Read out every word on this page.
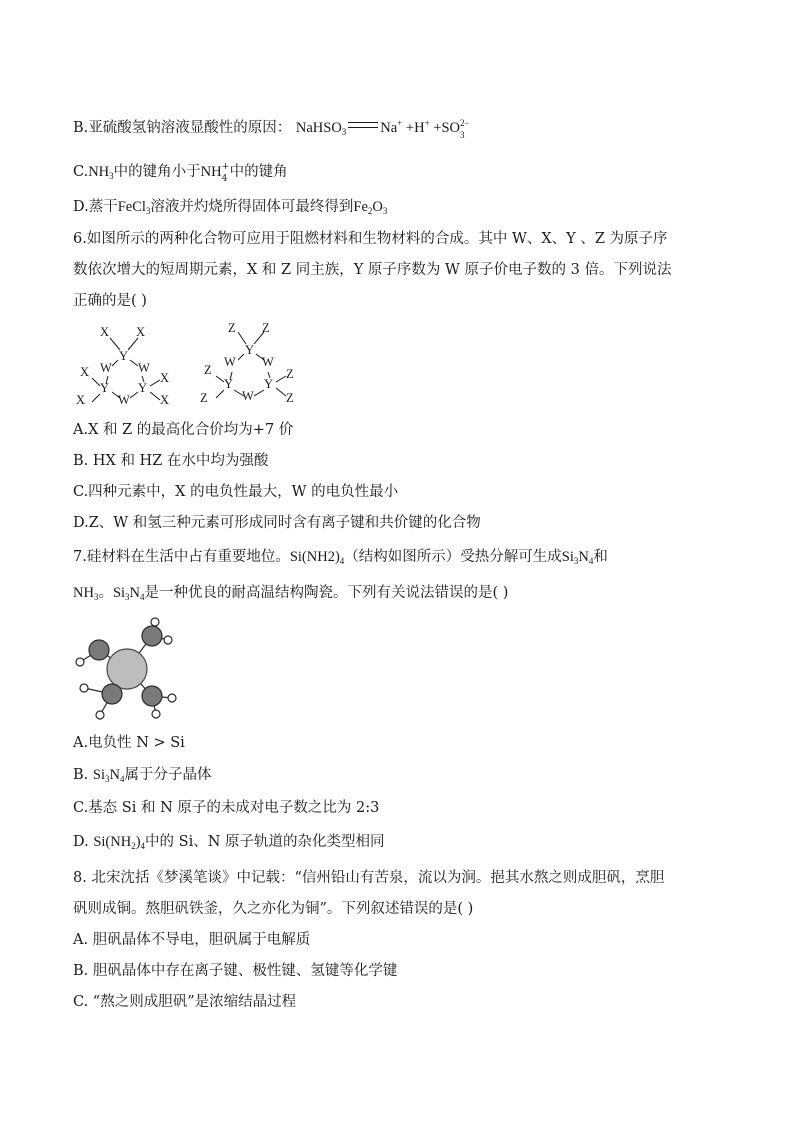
B.亚硫酸氢钠溶液显酸性的原因： NaHSO$_3$ Na+ +H+ +SO 2−
3
$C.NH_3$中的键角小于NH +
4 中的键角
D.蒸干FeCl$_3$溶液并灼烧所得固体可最终得到$Fe_2O_3$
6.如图所示的两种化合物可应用于阻燃材料和生物材料的合成。其中 W、X、Y 、Z 为原子序
数依次增大的短周期元素，X 和 Z 同主族，Y 原子序数为 W 原子价电子数的 3 倍。下列说法
正确的是( )
X X
Y
W W
X
Y Y
X
X	W X
Z Z
Y
W W
Z
Y Y
Z
Z	W	Z
A.X 和 Z 的最高化合价均为+7 价
B. HX 和 HZ 在水中均为强酸
C.四种元素中，X 的电负性最大，W 的电负性最小
D.Z、W 和氢三种元素可形成同时含有离子键和共价键的化合物
7.硅材料在生活中占有重要地位。$Si(NH2)_4$（结构如图所示）受热分解可生成$Si_3N_4$和
$NH_3$。$Si_3N_4$是一种优良的耐高温结构陶瓷。下列有关说法错误的是( )
A.电负性 N > Si
B. $Si_3N_4$属于分子晶体
C.基态 Si 和 N 原子的未成对电子数之比为 2:3
D. $Si(NH_2)_4$中的 Si、N 原子轨道的杂化类型相同
8. 北宋沈括《梦溪笔谈》中记载：“信州铅山有苦泉，流以为涧。挹其水熬之则成胆矾，烹胆
矾则成铜。熬胆矾铁釜，久之亦化为铜”。下列叙述错误的是( )
A. 胆矾晶体不导电，胆矾属于电解质
B. 胆矾晶体中存在离子键、极性键、氢键等化学键
C. “熬之则成胆矾”是浓缩结晶过程
